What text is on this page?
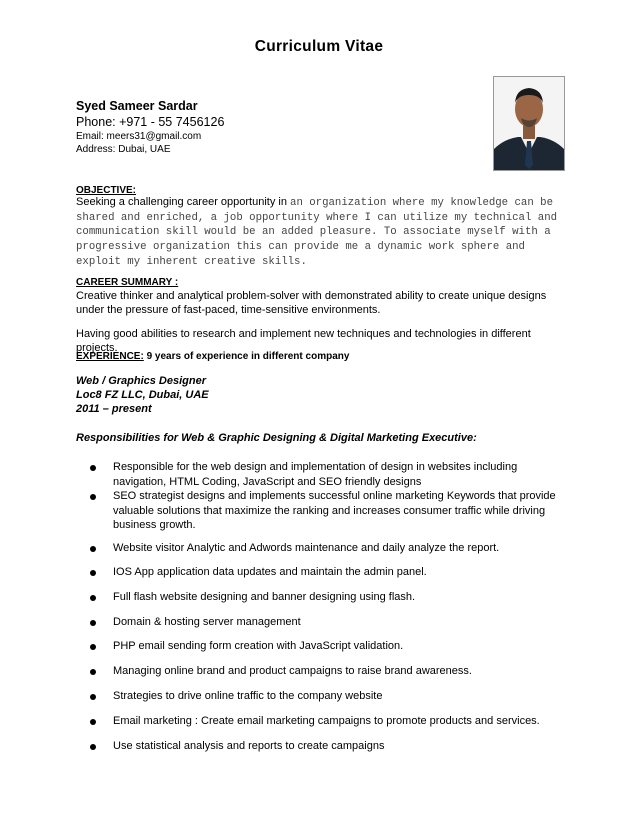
Curriculum Vitae
Syed Sameer Sardar
Phone: +971 - 55 7456126
Email: meers31@gmail.com
Address: Dubai, UAE
OBJECTIVE:
Seeking a challenging career opportunity in an organization where my knowledge can be shared and enriched, a job opportunity where I can utilize my technical and communication skill would be an added pleasure. To associate myself with a progressive organization this can provide me a dynamic work sphere and exploit my inherent creative skills.
CAREER SUMMARY :
Creative thinker and analytical problem-solver with demonstrated ability to create unique designs under the pressure of fast-paced, time-sensitive environments.
Having good abilities to research and implement new techniques and technologies in different projects.
EXPERIENCE: 9 years of experience in different company
Web / Graphics Designer
Loc8 FZ LLC, Dubai, UAE
2011 – present
Responsibilities for Web & Graphic Designing & Digital Marketing Executive:
Responsible for the web design and implementation of design in websites including navigation, HTML Coding, JavaScript and SEO friendly designs
SEO strategist designs and implements successful online marketing Keywords that provide valuable solutions that maximize the ranking and increases consumer traffic while driving business growth.
Website visitor Analytic and Adwords maintenance and daily analyze the report.
IOS App application data updates and maintain the admin panel.
Full flash website designing and banner designing using flash.
Domain & hosting server management
PHP email sending form creation with JavaScript validation.
Managing online brand and product campaigns to raise brand awareness.
Strategies to drive online traffic to the company website
Email marketing : Create email marketing campaigns to promote products and services.
Use statistical analysis and reports to create campaigns
